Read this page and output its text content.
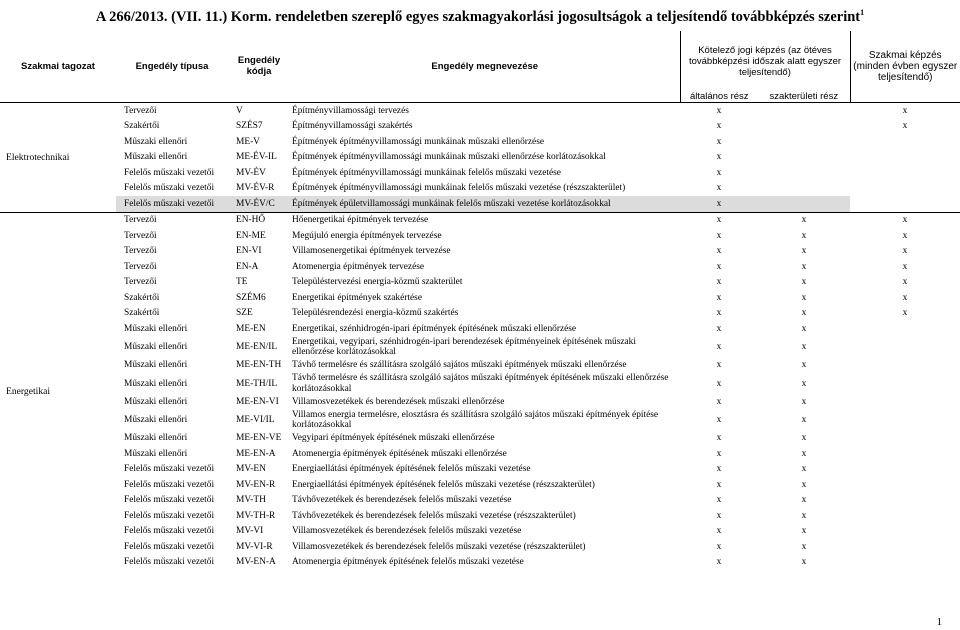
A 266/2013. (VII. 11.) Korm. rendeletben szereplő egyes szakmagyakorlási jogosultságok a teljesítendő továbbképzés szerint$^1$
Szakmai tagozat	Engedély típusa	Engedély kódja	Engedély megnevezése	Kötelező jogi képzés (az ötéves továbbképzési időszak alatt egyszer teljesítendő)		Szakmai képzés (minden évben egyszer teljesítendő)
				általános rész	szakterületi rész	
Elektrotechnikai	Tervezői	V	Építményvillamossági tervezés	x		x
	Szakértői	SZÉS7	Építményvillamossági szakértés	x		x
	Műszaki ellenőri	ME-V	Építmények építményvillamossági munkáinak műszaki ellenőrzése	x		
	Műszaki ellenőri	ME-ÉV-IL	Építmények építményvillamossági munkáinak műszaki ellenőrzése korlátozásokkal	x		
	Felelős műszaki vezetői	MV-ÉV	Építmények építményvillamossági munkáinak felelős műszaki vezetése	x		
	Felelős műszaki vezetői	MV-ÉV-R	Építmények építményvillamossági munkáinak felelős műszaki vezetése (részszakterület)	x		
	Felelős műszaki vezetői	MV-ÉV/C	Építmények épületvillamossági munkáinak felelős műszaki vezetése korlátozásokkal	x		
Energetikai	Tervezői	EN-HŐ	Hőenergetikai építmények tervezése	x	x	x
	Tervezői	EN-ME	Megújuló energia építmények tervezése	x	x	x
	Tervezői	EN-VI	Villamosenergetikai építmények tervezése	x	x	x
	Tervezői	EN-A	Atomenergia építmények tervezése	x	x	x
	Tervezői	TE	Településtervezési energia-közmű szakterület	x	x	x
	Szakértői	SZÉM6	Energetikai építmények szakértése	x	x	x
	Szakértői	SZE	Településrendezési energia-közmű szakértés	x	x	x
	Műszaki ellenőri	ME-EN	Energetikai, szénhidrogén-ipari építmények építésének műszaki ellenőrzése	x	x	
	Műszaki ellenőri	ME-EN/IL	Energetikai, vegyipari, szénhidrogén-ipari berendezések építményeinek építésének műszaki ellenőrzése korlátozásokkal	x	x	
	Műszaki ellenőri	ME-EN-TH	Távhő termelésre és szállításra szolgáló sajátos műszaki építmények műszaki ellenőrzése	x	x	
	Műszaki ellenőri	ME-TH/IL	Távhő termelésre és szállításra szolgáló sajátos műszaki építmények építésének műszaki ellenőrzése korlátozásokkal	x	x	
	Műszaki ellenőri	ME-EN-VI	Villamosvezetékek és berendezések műszaki ellenőrzése	x	x	
	Műszaki ellenőri	ME-VI/IL	Villamos energia termelésre, elosztásra és szállításra szolgáló sajátos műszaki építmények építése korlátozásokkal	x	x	
	Műszaki ellenőri	ME-EN-VE	Vegyipari építmények építésének műszaki ellenőrzése	x	x	
	Műszaki ellenőri	ME-EN-A	Atomenergia építmények építésének műszaki ellenőrzése	x	x	
	Felelős műszaki vezetői	MV-EN	Energiaellátási építmények építésének felelős műszaki vezetése	x	x	
	Felelős műszaki vezetői	MV-EN-R	Energiaellátási építmények építésének felelős műszaki vezetése (részszakterület)	x	x	
	Felelős műszaki vezetői	MV-TH	Távhővezetékek és berendezések felelős műszaki vezetése	x	x	
	Felelős műszaki vezetői	MV-TH-R	Távhővezetékek és berendezések felelős műszaki vezetése (részszakterület)	x	x	
	Felelős műszaki vezetői	MV-VI	Villamosvezetékek és berendezések felelős műszaki vezetése	x	x	
	Felelős műszaki vezetői	MV-VI-R	Villamosvezetékek és berendezések felelős műszaki vezetése (részszakterület)	x	x	
	Felelős műszaki vezetői	MV-EN-A	Atomenergia építmények építésének felelős műszaki vezetése	x	x	
1
